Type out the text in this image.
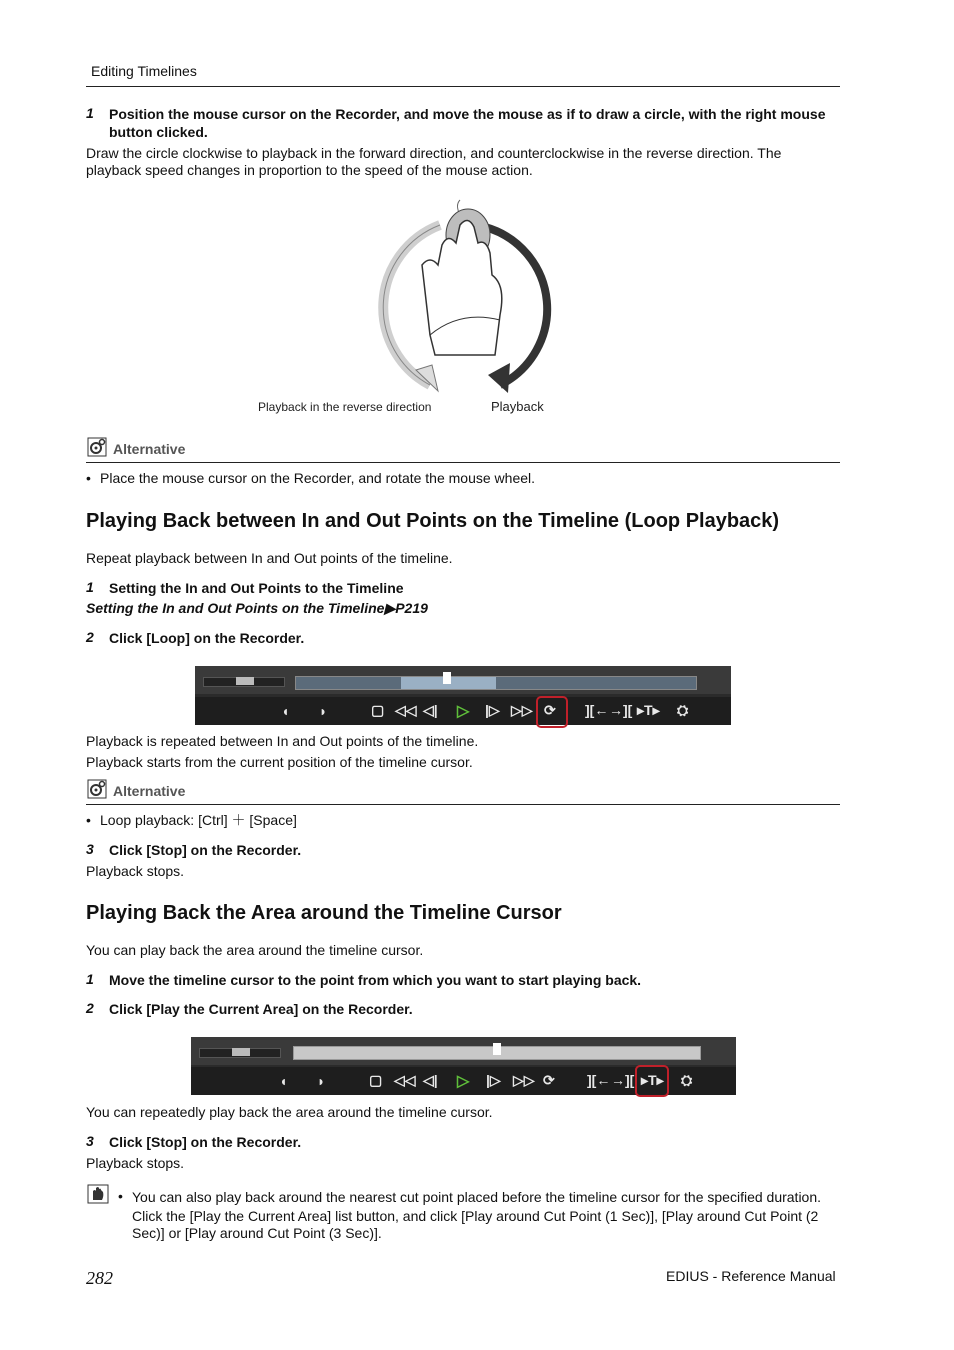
Editing Timelines
1 Position the mouse cursor on the Recorder, and move the mouse as if to draw a circle, with the right mouse
button clicked.
Draw the circle clockwise to playback in the forward direction, and counterclockwise in the reverse direction. The
playback speed changes in proportion to the speed of the mouse action.
Playback in the reverse direction	Playback
Alternative
• Place the mouse cursor on the Recorder, and rotate the mouse wheel.
Playing Back between In and Out Points on the Timeline (Loop Playback)
Repeat playback between In and Out points of the timeline.
1 Setting the In and Out Points to the Timeline
Setting the In and Out Points on the Timeline▶P219
2 Click [Loop] on the Recorder.
◖ ◗	▢ ◁◁ ◁| ▷ |▷ ▷▷ ⟳ ][← →][ ▸T▸ ⛭
Playback is repeated between In and Out points of the timeline.
Playback starts from the current position of the timeline cursor.
Alternative
• Loop playback: [Ctrl] ＋ [Space]
3 Click [Stop] on the Recorder.
Playback stops.
Playing Back the Area around the Timeline Cursor
You can play back the area around the timeline cursor.
1 Move the timeline cursor to the point from which you want to start playing back.
2 Click [Play the Current Area] on the Recorder.
◖ ◗	▢ ◁◁ ◁| ▷ |▷ ▷▷ ⟳ ][← →][ ▸T▸ ⛭
You can repeatedly play back the area around the timeline cursor.
3 Click [Stop] on the Recorder.
Playback stops.
• You can also play back around the nearest cut point placed before the timeline cursor for the specified duration.
Click the [Play the Current Area] list button, and click [Play around Cut Point (1 Sec)], [Play around Cut Point (2
Sec)] or [Play around Cut Point (3 Sec)].
282	EDIUS - Reference Manual
